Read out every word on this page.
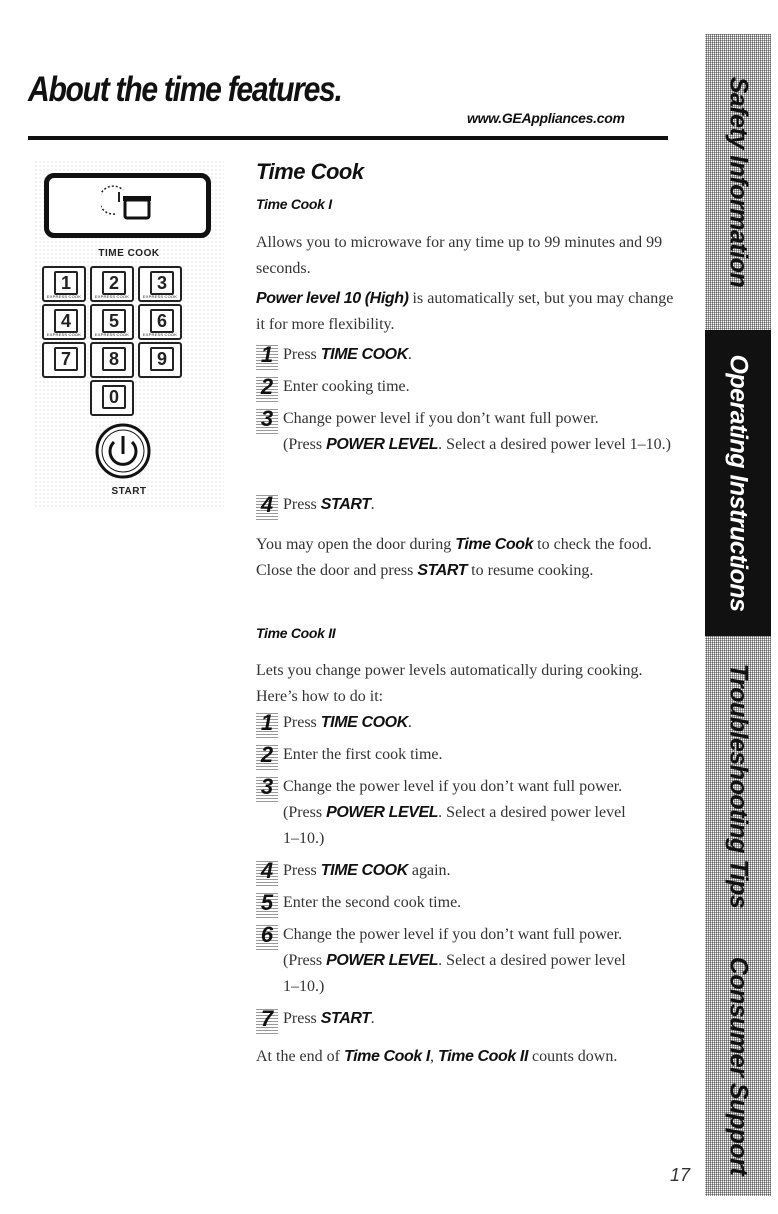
About the time features.
www.GEAppliances.com
TIME COOK
1
EXPRESS COOK
2
EXPRESS COOK
3
EXPRESS COOK
4
EXPRESS COOK
5
EXPRESS COOK
6
EXPRESS COOK
7	8	9
0
START
Time Cook
Time Cook I
Allows you to microwave for any time up to 99 minutes and 99 seconds.
Power level 10 (High) is automatically set, but you may change it for more flexibility.
1 Press TIME COOK.
2 Enter cooking time.
3 Change power level if you don’t want full power.
(Press POWER LEVEL. Select a desired power level 1–10.)
4 Press START.
You may open the door during Time Cook to check the food. Close the door and press START to resume cooking.
Time Cook II
Lets you change power levels automatically during cooking. Here’s how to do it:
1 Press TIME COOK.
2 Enter the first cook time.
3 Change the power level if you don’t want full power. (Press POWER LEVEL. Select a desired power level 1–10.)
4 Press TIME COOK again.
5 Enter the second cook time.
6 Change the power level if you don’t want full power. (Press POWER LEVEL. Select a desired power level 1–10.)
7 Press START.
At the end of Time Cook I, Time Cook II counts down.
Safety Information
Operating Instructions
Troubleshooting Tips
Consumer Support
17
